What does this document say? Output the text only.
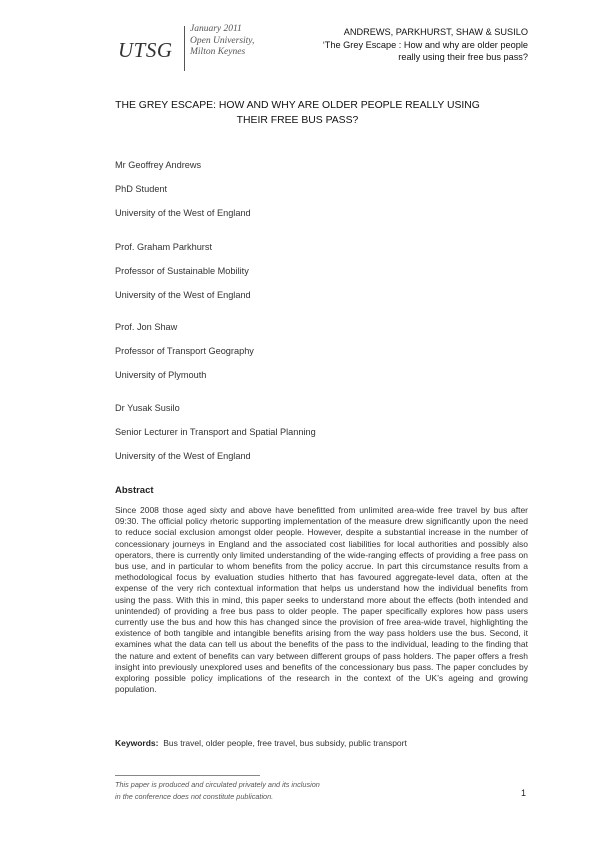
UTSG
January 2011
Open University,
Milton Keynes
ANDREWS, PARKHURST, SHAW & SUSILO
‘The Grey Escape : How and why are older people
really using their free bus pass?
THE GREY ESCAPE: HOW AND WHY ARE OLDER PEOPLE REALLY USING THEIR FREE BUS PASS?
Mr Geoffrey Andrews
PhD Student
University of the West of England
Prof. Graham Parkhurst
Professor of Sustainable Mobility
University of the West of England
Prof. Jon Shaw
Professor of Transport Geography
University of Plymouth
Dr Yusak Susilo
Senior Lecturer in Transport and Spatial Planning
University of the West of England
Abstract
Since 2008 those aged sixty and above have benefitted from unlimited area-wide free travel by bus after 09:30. The official policy rhetoric supporting implementation of the measure drew significantly upon the need to reduce social exclusion amongst older people. However, despite a substantial increase in the number of concessionary journeys in England and the associated cost liabilities for local authorities and possibly also operators, there is currently only limited understanding of the wide-ranging effects of providing a free pass on bus use, and in particular to whom benefits from the policy accrue. In part this circumstance results from a methodological focus by evaluation studies hitherto that has favoured aggregate-level data, often at the expense of the very rich contextual information that helps us understand how the individual benefits from using the pass. With this in mind, this paper seeks to understand more about the effects (both intended and unintended) of providing a free bus pass to older people. The paper specifically explores how pass users currently use the bus and how this has changed since the provision of free area-wide travel, highlighting the existence of both tangible and intangible benefits arising from the way pass holders use the bus. Second, it examines what the data can tell us about the benefits of the pass to the individual, leading to the finding that the nature and extent of benefits can vary between different groups of pass holders. The paper offers a fresh insight into previously unexplored uses and benefits of the concessionary bus pass. The paper concludes by exploring possible policy implications of the research in the context of the UK’s ageing and growing population.
Keywords: Bus travel, older people, free travel, bus subsidy, public transport
This paper is produced and circulated privately and its inclusion
in the conference does not constitute publication.	1
